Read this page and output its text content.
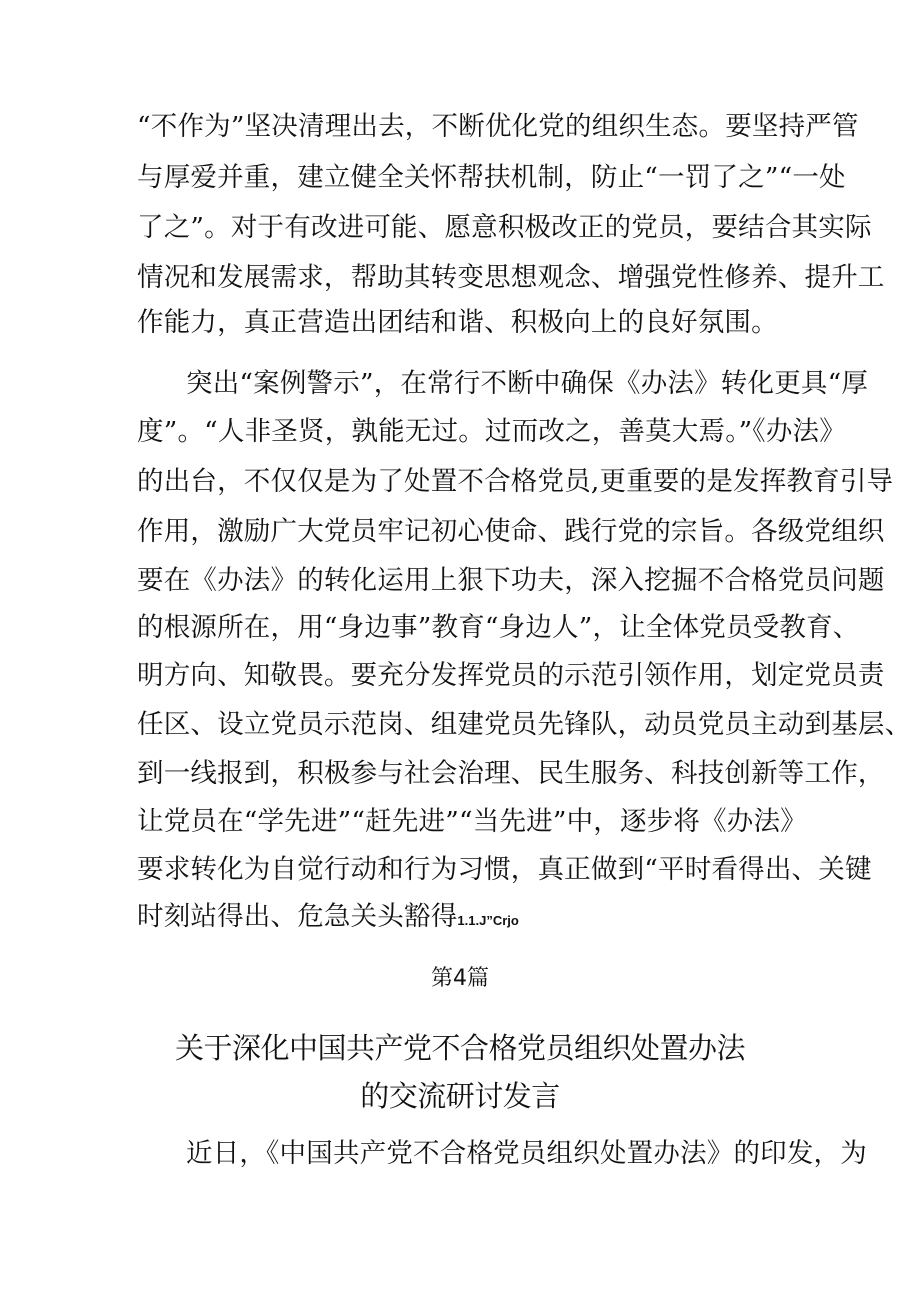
“不作为”坚决清理出去，不断优化党的组织生态。要坚持严管
与厚爱并重，建立健全关怀帮扶机制，防止“一罚了之”“一处
了之”。对于有改进可能、愿意积极改正的党员，要结合其实际
情况和发展需求，帮助其转变思想观念、增强党性修养、提升工
作能力，真正营造出团结和谐、积极向上的良好氛围。
突出“案例警示”，在常行不断中确保《办法》转化更具“厚
度”。“人非圣贤，孰能无过。过而改之，善莫大焉。”《办法》
的出台，不仅仅是为了处置不合格党员,更重要的是发挥教育引导
作用，激励广大党员牢记初心使命、践行党的宗旨。各级党组织
要在《办法》的转化运用上狠下功夫，深入挖掘不合格党员问题
的根源所在，用“身边事”教育“身边人”，让全体党员受教育、
明方向、知敬畏。要充分发挥党员的示范引领作用，划定党员责
任区、设立党员示范岗、组建党员先锋队，动员党员主动到基层、
到一线报到，积极参与社会治理、民生服务、科技创新等工作，
让党员在“学先进”“赶先进”“当先进”中，逐步将《办法》
要求转化为自觉行动和行为习惯，真正做到“平时看得出、关键
时刻站得出、危急关头豁得1.1.J”Crjo
第4篇
关于深化中国共产党不合格党员组织处置办法
的交流研讨发言
近日，《中国共产党不合格党员组织处置办法》的印发，为
